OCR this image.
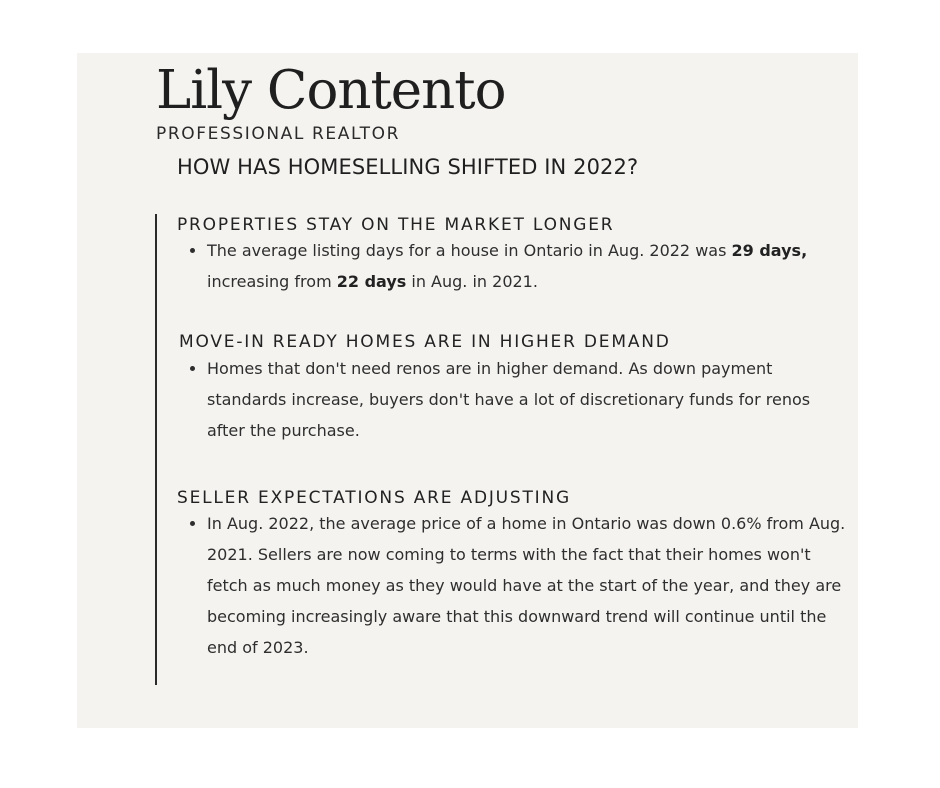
Lily Contento
PROFESSIONAL REALTOR
HOW HAS HOMESELLING SHIFTED IN 2022?
PROPERTIES STAY ON THE MARKET LONGER
The average listing days for a house in Ontario in Aug. 2022 was 29 days, increasing from 22 days in Aug. in 2021.
MOVE-IN READY HOMES ARE IN HIGHER DEMAND
Homes that don't need renos are in higher demand. As down payment standards increase, buyers don't have a lot of discretionary funds for renos after the purchase.
SELLER EXPECTATIONS ARE ADJUSTING
In Aug. 2022, the average price of a home in Ontario was down 0.6% from Aug. 2021. Sellers are now coming to terms with the fact that their homes won't fetch as much money as they would have at the start of the year, and they are becoming increasingly aware that this downward trend will continue until the end of 2023.
